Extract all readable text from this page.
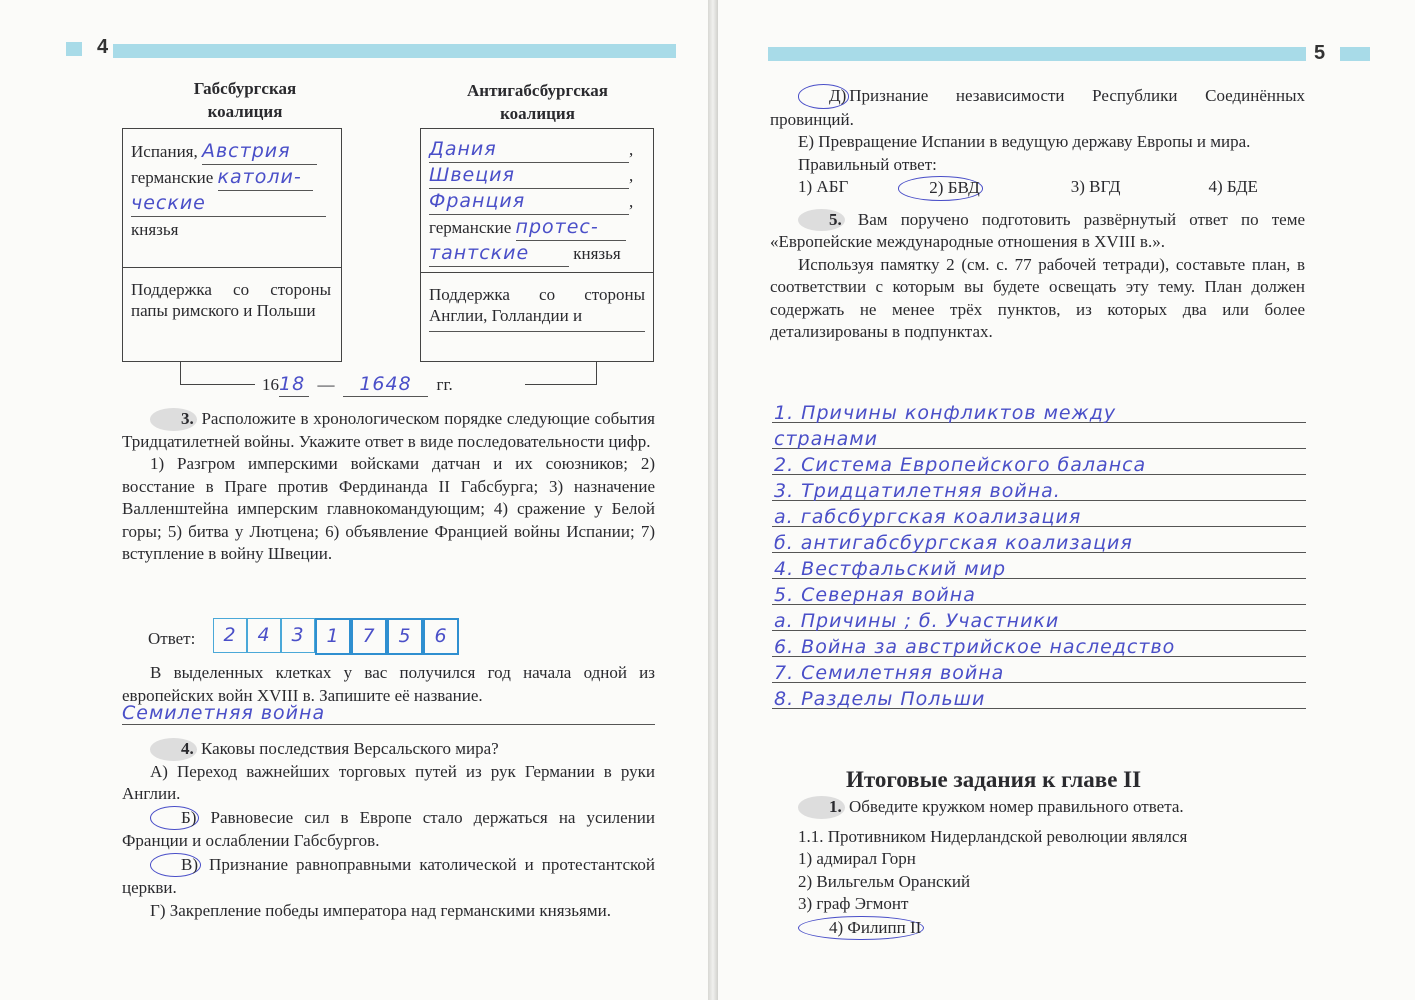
4

Габсбургская

коалиция

Антигабсбургская

коалиция

Испания, Австрия
германские католи-
ческие
князья
Поддержка со стороны папы римского и Польши
Дания	,
Швеция	,
Франция	,
германские протес-
тантские	князья
Поддержка со стороны Англии, Голландии и
1618 — 1648 гг.

3. Расположите в хронологическом порядке следующие события Тридцатилетней войны. Укажите ответ в виде последовательности цифр.

1) Разгром имперскими войсками датчан и их союзников; 2) восстание в Праге против Фердинанда II Габсбурга; 3) назначение Валленштейна имперским главнокомандующим; 4) сражение у Белой горы; 5) битва у Лютцена; 6) объявление Францией войны Испании; 7) вступление в войну Швеции.

Ответ:	2	4	3	1	7	5	6
В выделенных клетках у вас получился год начала одной из европейских войн XVIII в. Запишите её название.
Семилетняя война

4. Каковы последствия Версальского мира?

А) Переход важнейших торговых путей из рук Германии в руки Англии.

Б) Равновесие сил в Европе стало держаться на усилении Франции и ослаблении Габсбургов.

В) Признание равноправными католической и протестантской церкви.

Г) Закрепление победы императора над германскими князьями.

5

Д) Признание независимости Республики Соединённых провинций.

Е) Превращение Испании в ведущую державу Европы и мира.

Правильный ответ:

1) АБГ	2) БВД	3) ВГД	4) БДЕ

5. Вам поручено подготовить развёрнутый ответ по теме «Европейские международные отношения в XVIII в.».

Используя памятку 2 (см. с. 77 рабочей тетради), составьте план, в соответствии с которым вы будете освещать эту тему. План должен содержать не менее трёх пунктов, из которых два или более детализированы в подпунктах.

1. Причины конфликтов между
странами
2. Система Европейского баланса
3. Тридцатилетняя война.
а. габсбургская коализация
б. антигабсбургская коализация
4. Вестфальский мир
5. Северная война
а. Причины ; б. Участники
6. Война за австрийское наследство
7. Семилетняя война
8. Разделы Польши
Итоговые задания к главе II

1. Обведите кружком номер правильного ответа.

1.1. Противником Нидерландской революции являлся

1) адмирал Горн

2) Вильгельм Оранский

3) граф Эгмонт

4) Филипп II
